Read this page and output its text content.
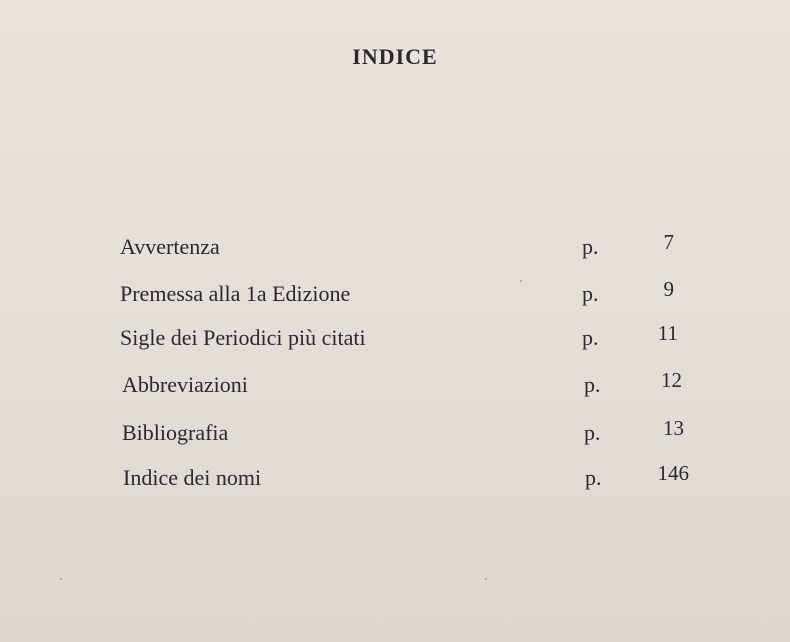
INDICE
Avvertenza	p.	7
Premessa alla 1a Edizione	p.	9
Sigle dei Periodici più citati	p.	11
Abbreviazioni	p.	12
Bibliografia	p.	13
Indice dei nomi	p.	146
